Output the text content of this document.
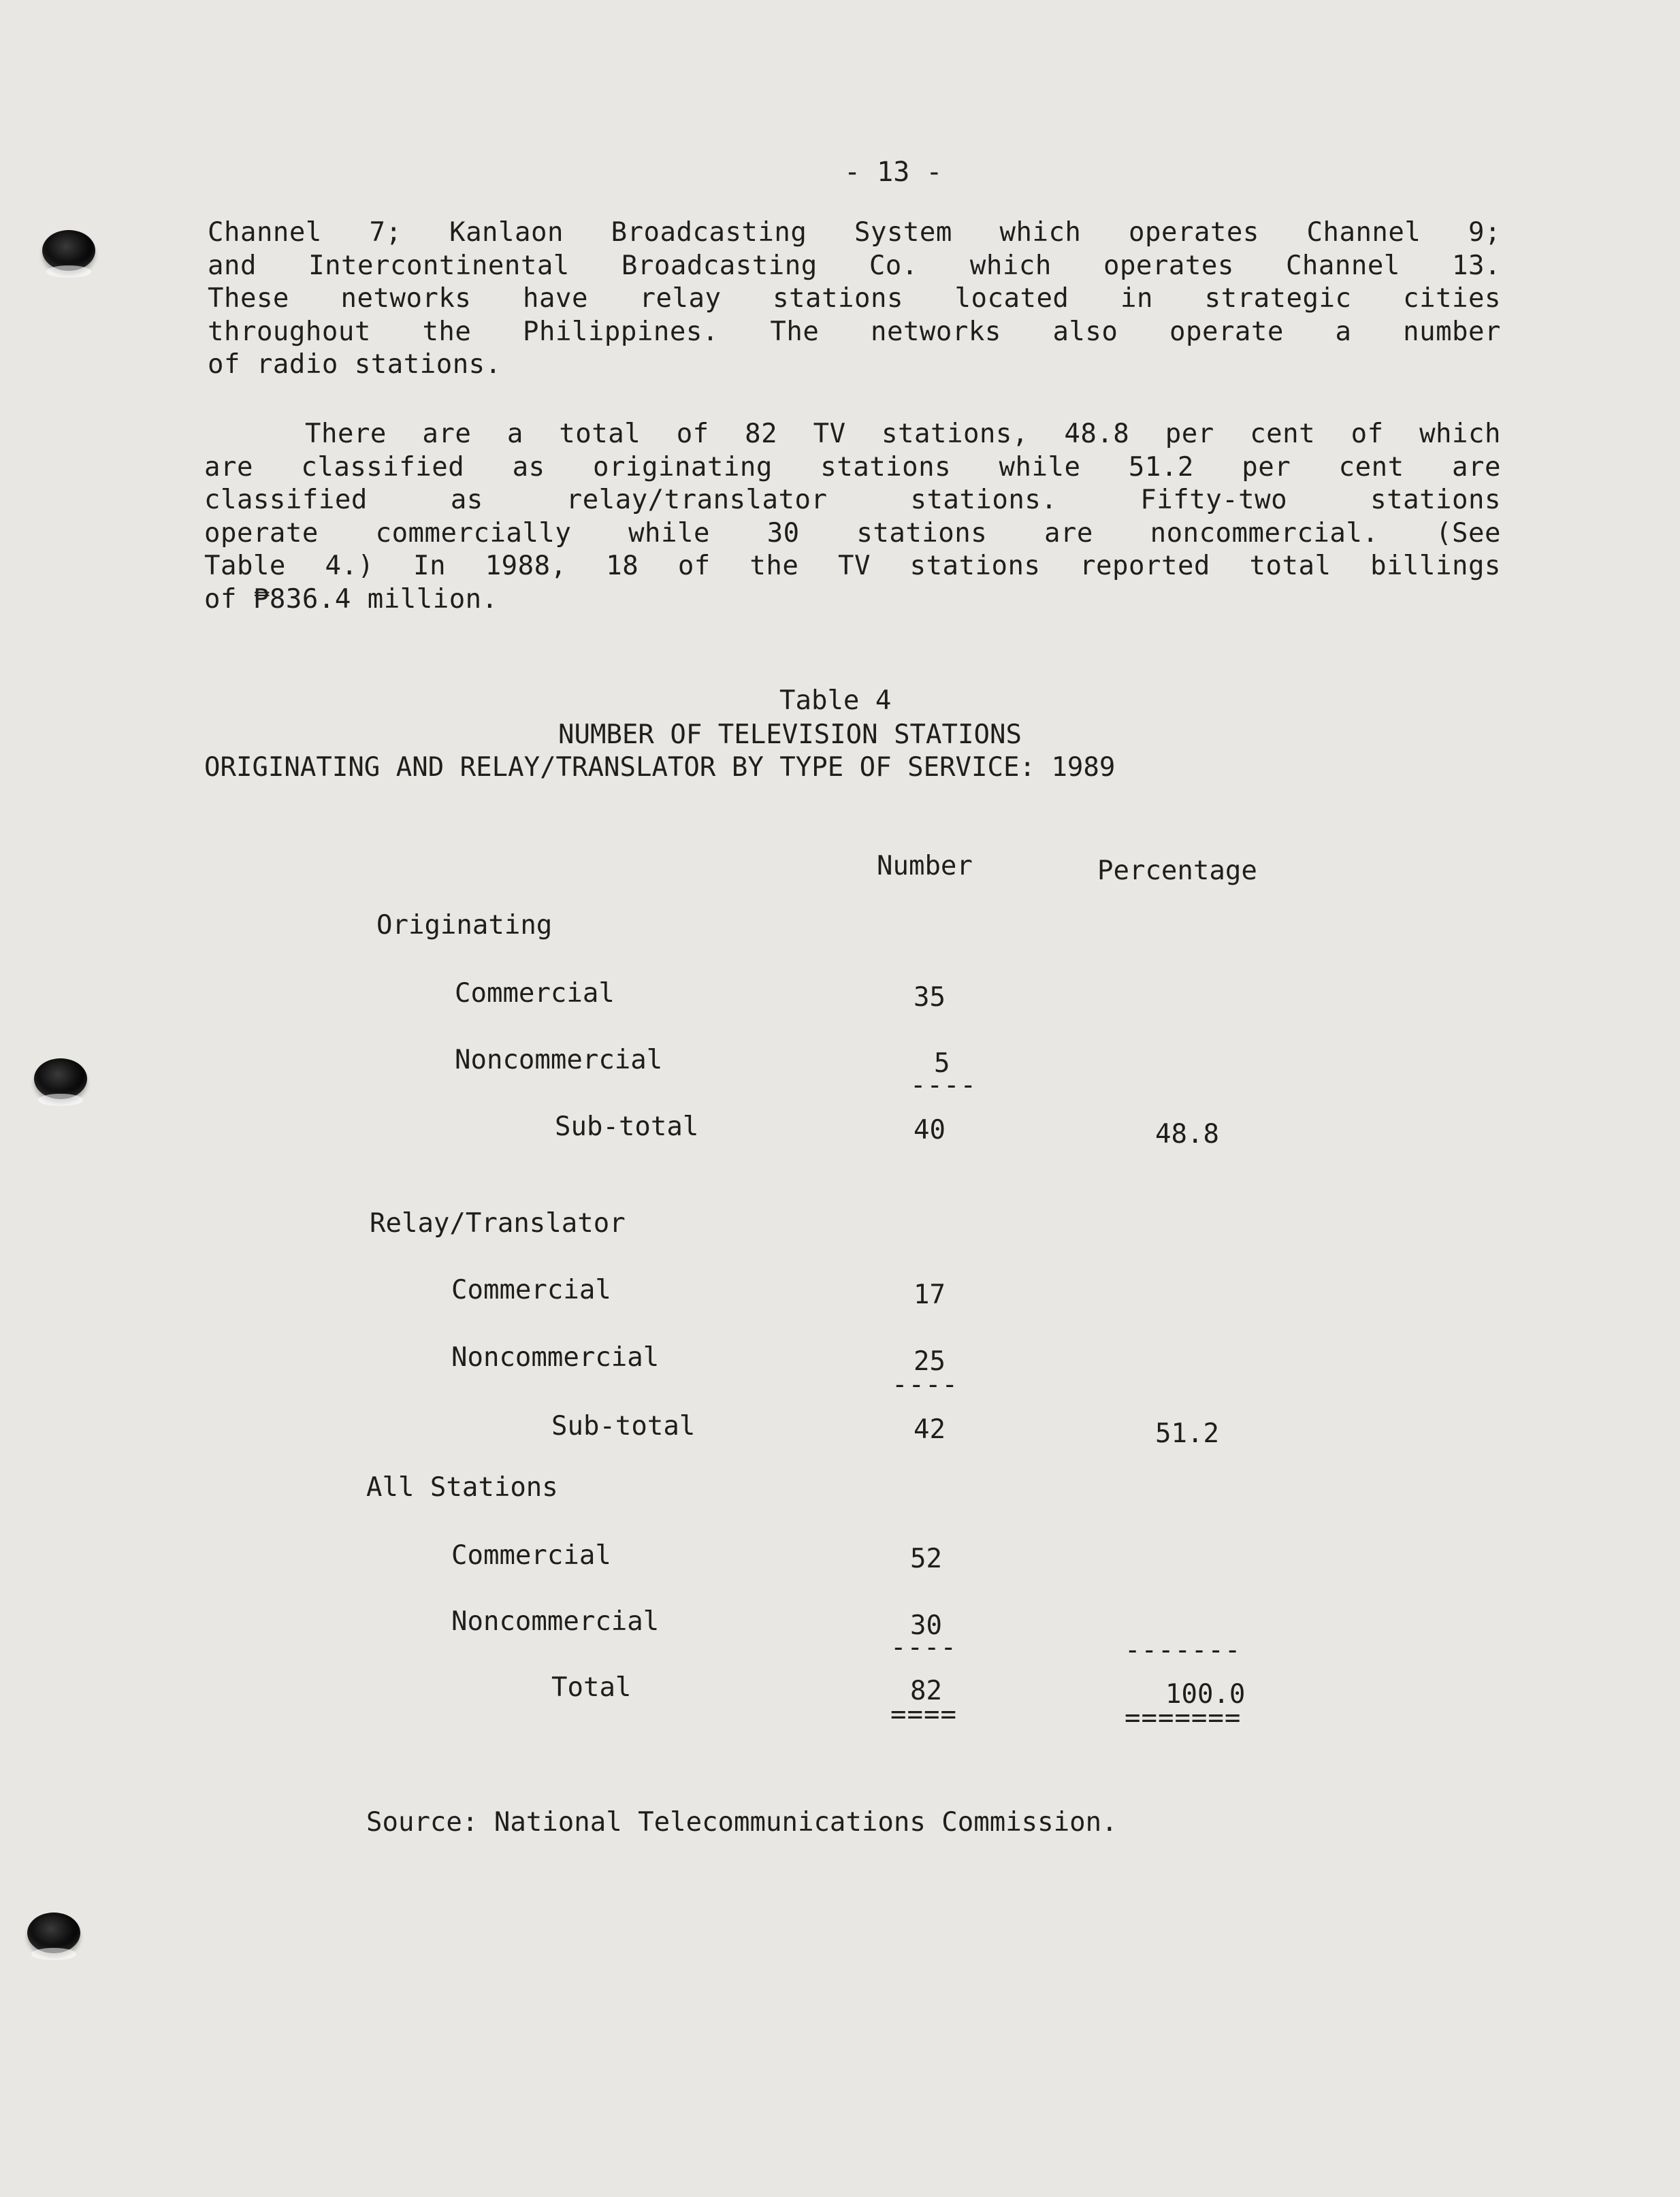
- 13 -
Channel 7; Kanlaon Broadcasting System which operates Channel 9;
and Intercontinental Broadcasting Co. which operates Channel 13.
These networks have relay stations located in strategic cities
throughout the Philippines. The networks also operate a number
of radio stations.
There are a total of 82 TV stations, 48.8 per cent of which
are classified as originating stations while 51.2 per cent are
classified	as	relay/translator	stations.	Fifty-two	stations
operate commercially while 30 stations are noncommercial. (See
Table 4.) In 1988, 18 of the TV stations reported total billings
of ₱836.4 million.
Table 4
NUMBER OF TELEVISION STATIONS
ORIGINATING AND RELAY/TRANSLATOR BY TYPE OF SERVICE: 1989
Number	Percentage
Originating
Commercial	35
Noncommercial	5
----
Sub-total	40	48.8
Relay/Translator
Commercial	17
Noncommercial	25
----
Sub-total	42	51.2
All Stations
Commercial	52
Noncommercial	30
----	-------
Total	82	100.0
====	=======
Source: National Telecommunications Commission.
